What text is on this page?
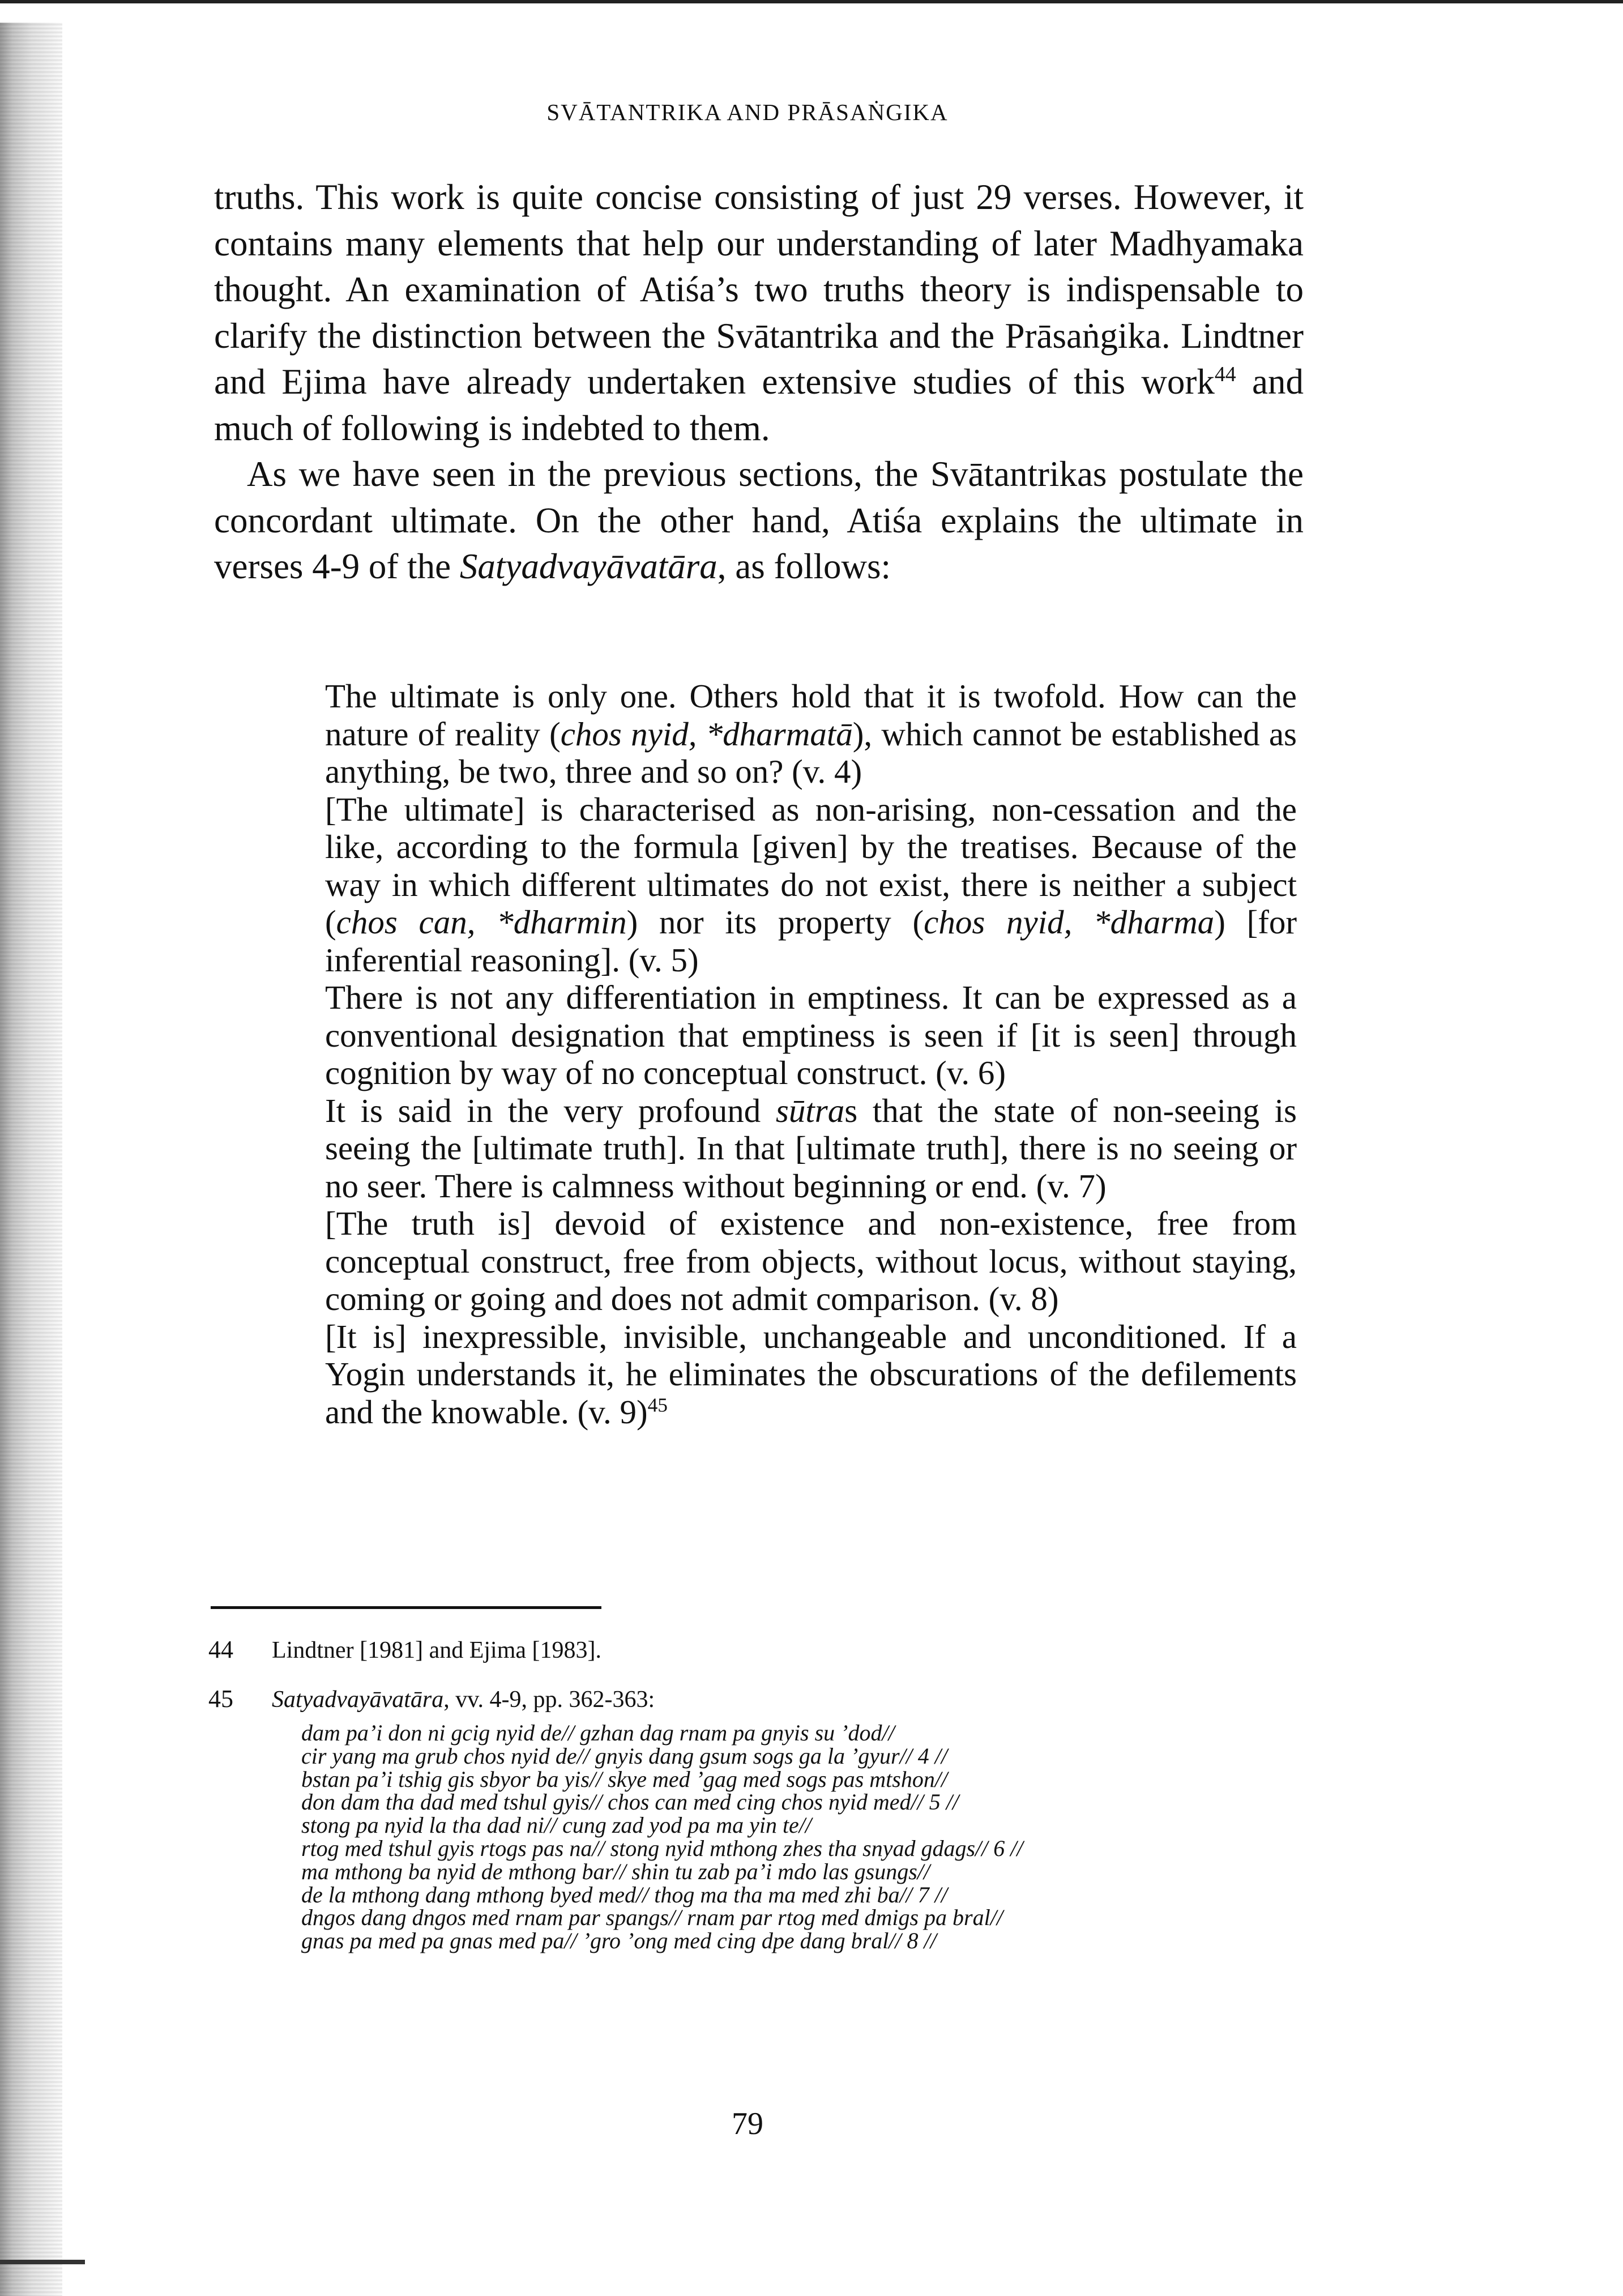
SVĀTANTRIKA AND PRĀSAṄGIKA

truths. This work is quite concise consisting of just 29 verses. However, it contains many elements that help our understanding of later Madhyamaka thought. An examination of Atiśa’s two truths theory is indispensable to clarify the distinction between the Svātantrika and the Prāsaṅgika. Lindtner and Ejima have already undertaken extensive studies of this work$^{44}$ and much of following is indebted to them.

As we have seen in the previous sections, the Svātantrikas postulate the concordant ultimate. On the other hand, Atiśa explains the ultimate in verses 4-9 of the Satyadvayāvatāra, as follows:

The ultimate is only one. Others hold that it is twofold. How can the nature of reality (chos nyid, *dharmatā), which cannot be established as anything, be two, three and so on? (v. 4)

[The ultimate] is characterised as non-arising, non-cessation and the like, according to the formula [given] by the treatises. Because of the way in which different ultimates do not exist, there is neither a subject (chos can, *dharmin) nor its property (chos nyid, *dharma) [for inferential reasoning]. (v. 5)

There is not any differentiation in emptiness. It can be expressed as a conventional designation that emptiness is seen if [it is seen] through cognition by way of no conceptual construct. (v. 6)

It is said in the very profound sūtras that the state of non-seeing is seeing the [ultimate truth]. In that [ultimate truth], there is no seeing or no seer. There is calmness without beginning or end. (v. 7)

[The truth is] devoid of existence and non-existence, free from conceptual construct, free from objects, without locus, without staying, coming or going and does not admit comparison. (v. 8)

[It is] inexpressible, invisible, unchangeable and unconditioned. If a Yogin understands it, he eliminates the obscurations of the defilements and the knowable. (v. 9)$^{45}$

44 Lindtner [1981] and Ejima [1983].
45 Satyadvayāvatāra, vv. 4-9, pp. 362-363:
dam pa’i don ni gcig nyid de// gzhan dag rnam pa gnyis su ’dod//
cir yang ma grub chos nyid de// gnyis dang gsum sogs ga la ’gyur// 4 //
bstan pa’i tshig gis sbyor ba yis// skye med ’gag med sogs pas mtshon//
don dam tha dad med tshul gyis// chos can med cing chos nyid med// 5 //
stong pa nyid la tha dad ni// cung zad yod pa ma yin te//
rtog med tshul gyis rtogs pas na// stong nyid mthong zhes tha snyad gdags// 6 //
ma mthong ba nyid de mthong bar// shin tu zab pa’i mdo las gsungs//
de la mthong dang mthong byed med// thog ma tha ma med zhi ba// 7 //
dngos dang dngos med rnam par spangs// rnam par rtog med dmigs pa bral//
gnas pa med pa gnas med pa// ’gro ’ong med cing dpe dang bral// 8 //
79
